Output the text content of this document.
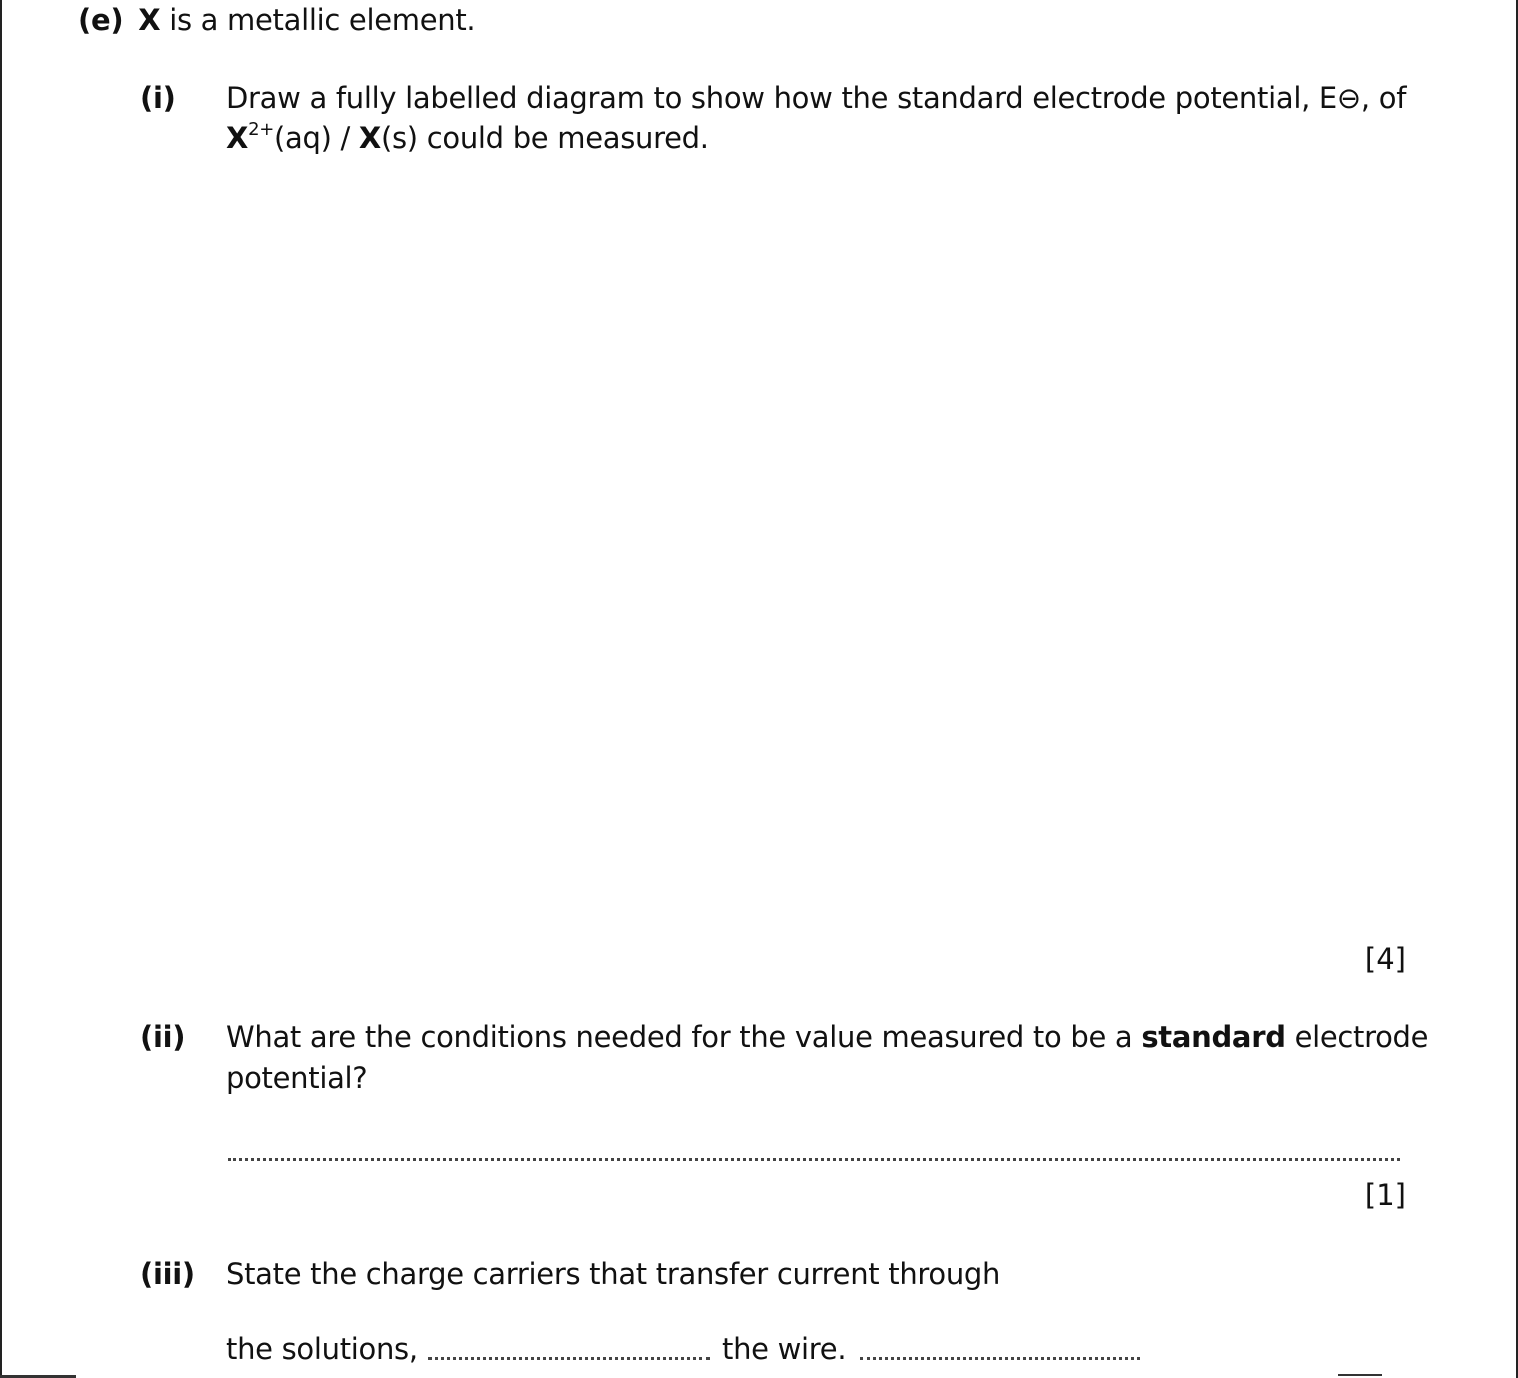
(e) X is a metallic element.
(i) Draw a fully labelled diagram to show how the standard electrode potential, E⊖, of
$X^{2+}(aq) / X(s)$ could be measured.
[4]
(ii) What are the conditions needed for the value measured to be a standard electrode
potential?
[1]
(iii) State the charge carriers that transfer current through
the solutions,	the wire.
